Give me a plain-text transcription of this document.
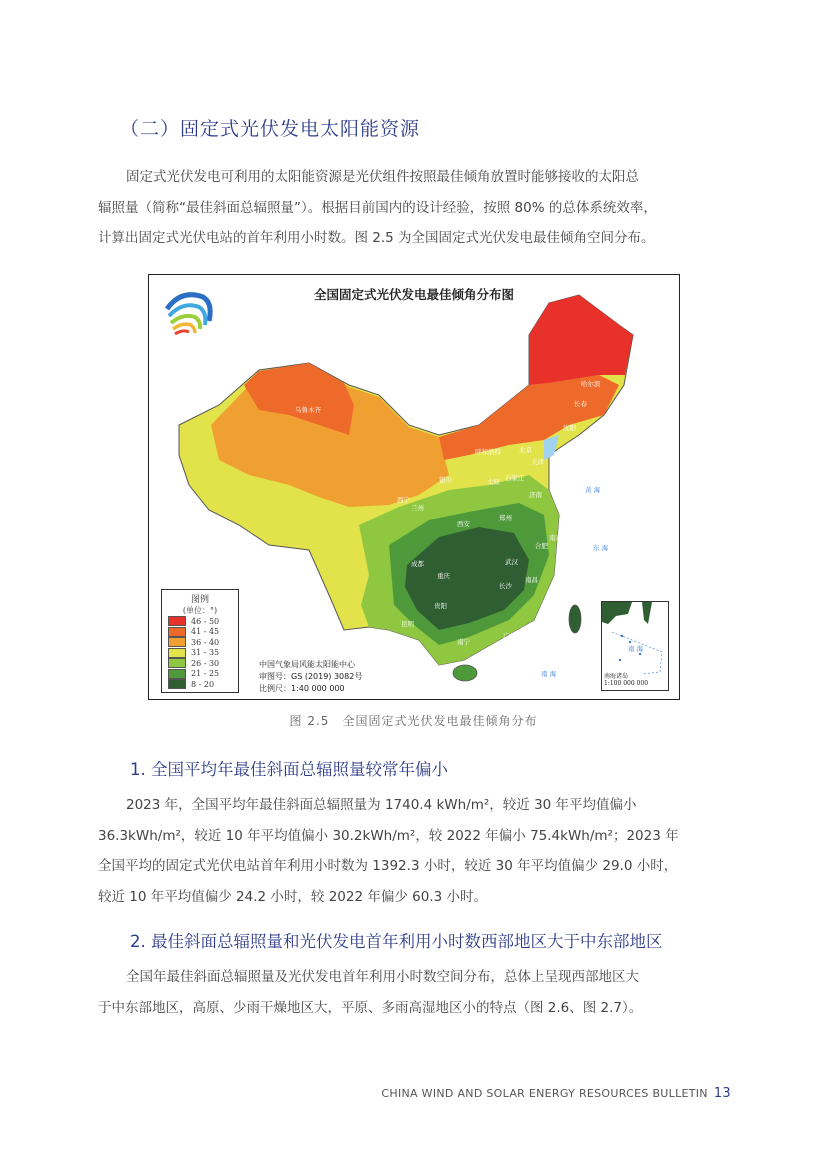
（二）固定式光伏发电太阳能资源
固定式光伏发电可利用的太阳能资源是光伏组件按照最佳倾角放置时能够接收的太阳总
辐照量（简称“最佳斜面总辐照量”）。根据目前国内的设计经验，按照 80% 的总体系统效率，
计算出固定式光伏电站的首年利用小时数。图 2.5 为全国固定式光伏发电最佳倾角空间分布。
全国固定式光伏发电最佳倾角分布图
哈尔滨
长春
沈阳
呼和浩特	北京
天津
乌鲁木齐
西宁
兰州
银川	太原 石家庄
济南
郑州
西安
拉萨
成都
重庆
武汉
合肥
南京	上海
杭州
长沙
南昌
福州
台北
贵阳
昆明
南宁
广州
香港
海口
黄 海
东 海
南 海
图例
(单位：°)
46 - 50
41 - 45
36 - 40
31 - 35
26 - 30
21 - 25
8 - 20
中国气象局风能太阳能中心
审图号：GS (2019) 3082号
比例尺：1:40 000 000
南 海
南海诸岛
1:100 000 000
图 2.5　全国固定式光伏发电最佳倾角分布
1. 全国平均年最佳斜面总辐照量较常年偏小
2023 年，全国平均年最佳斜面总辐照量为 1740.4 kWh/m²，较近 30 年平均值偏小
36.3kWh/m²，较近 10 年平均值偏小 30.2kWh/m²，较 2022 年偏小 75.4kWh/m²；2023 年
全国平均的固定式光伏电站首年利用小时数为 1392.3 小时，较近 30 年平均值偏少 29.0 小时，
较近 10 年平均值偏少 24.2 小时，较 2022 年偏少 60.3 小时。
2. 最佳斜面总辐照量和光伏发电首年利用小时数西部地区大于中东部地区
全国年最佳斜面总辐照量及光伏发电首年利用小时数空间分布，总体上呈现西部地区大
于中东部地区，高原、少雨干燥地区大，平原、多雨高湿地区小的特点（图 2.6、图 2.7）。
CHINA WIND AND SOLAR ENERGY RESOURCES BULLETIN 13
